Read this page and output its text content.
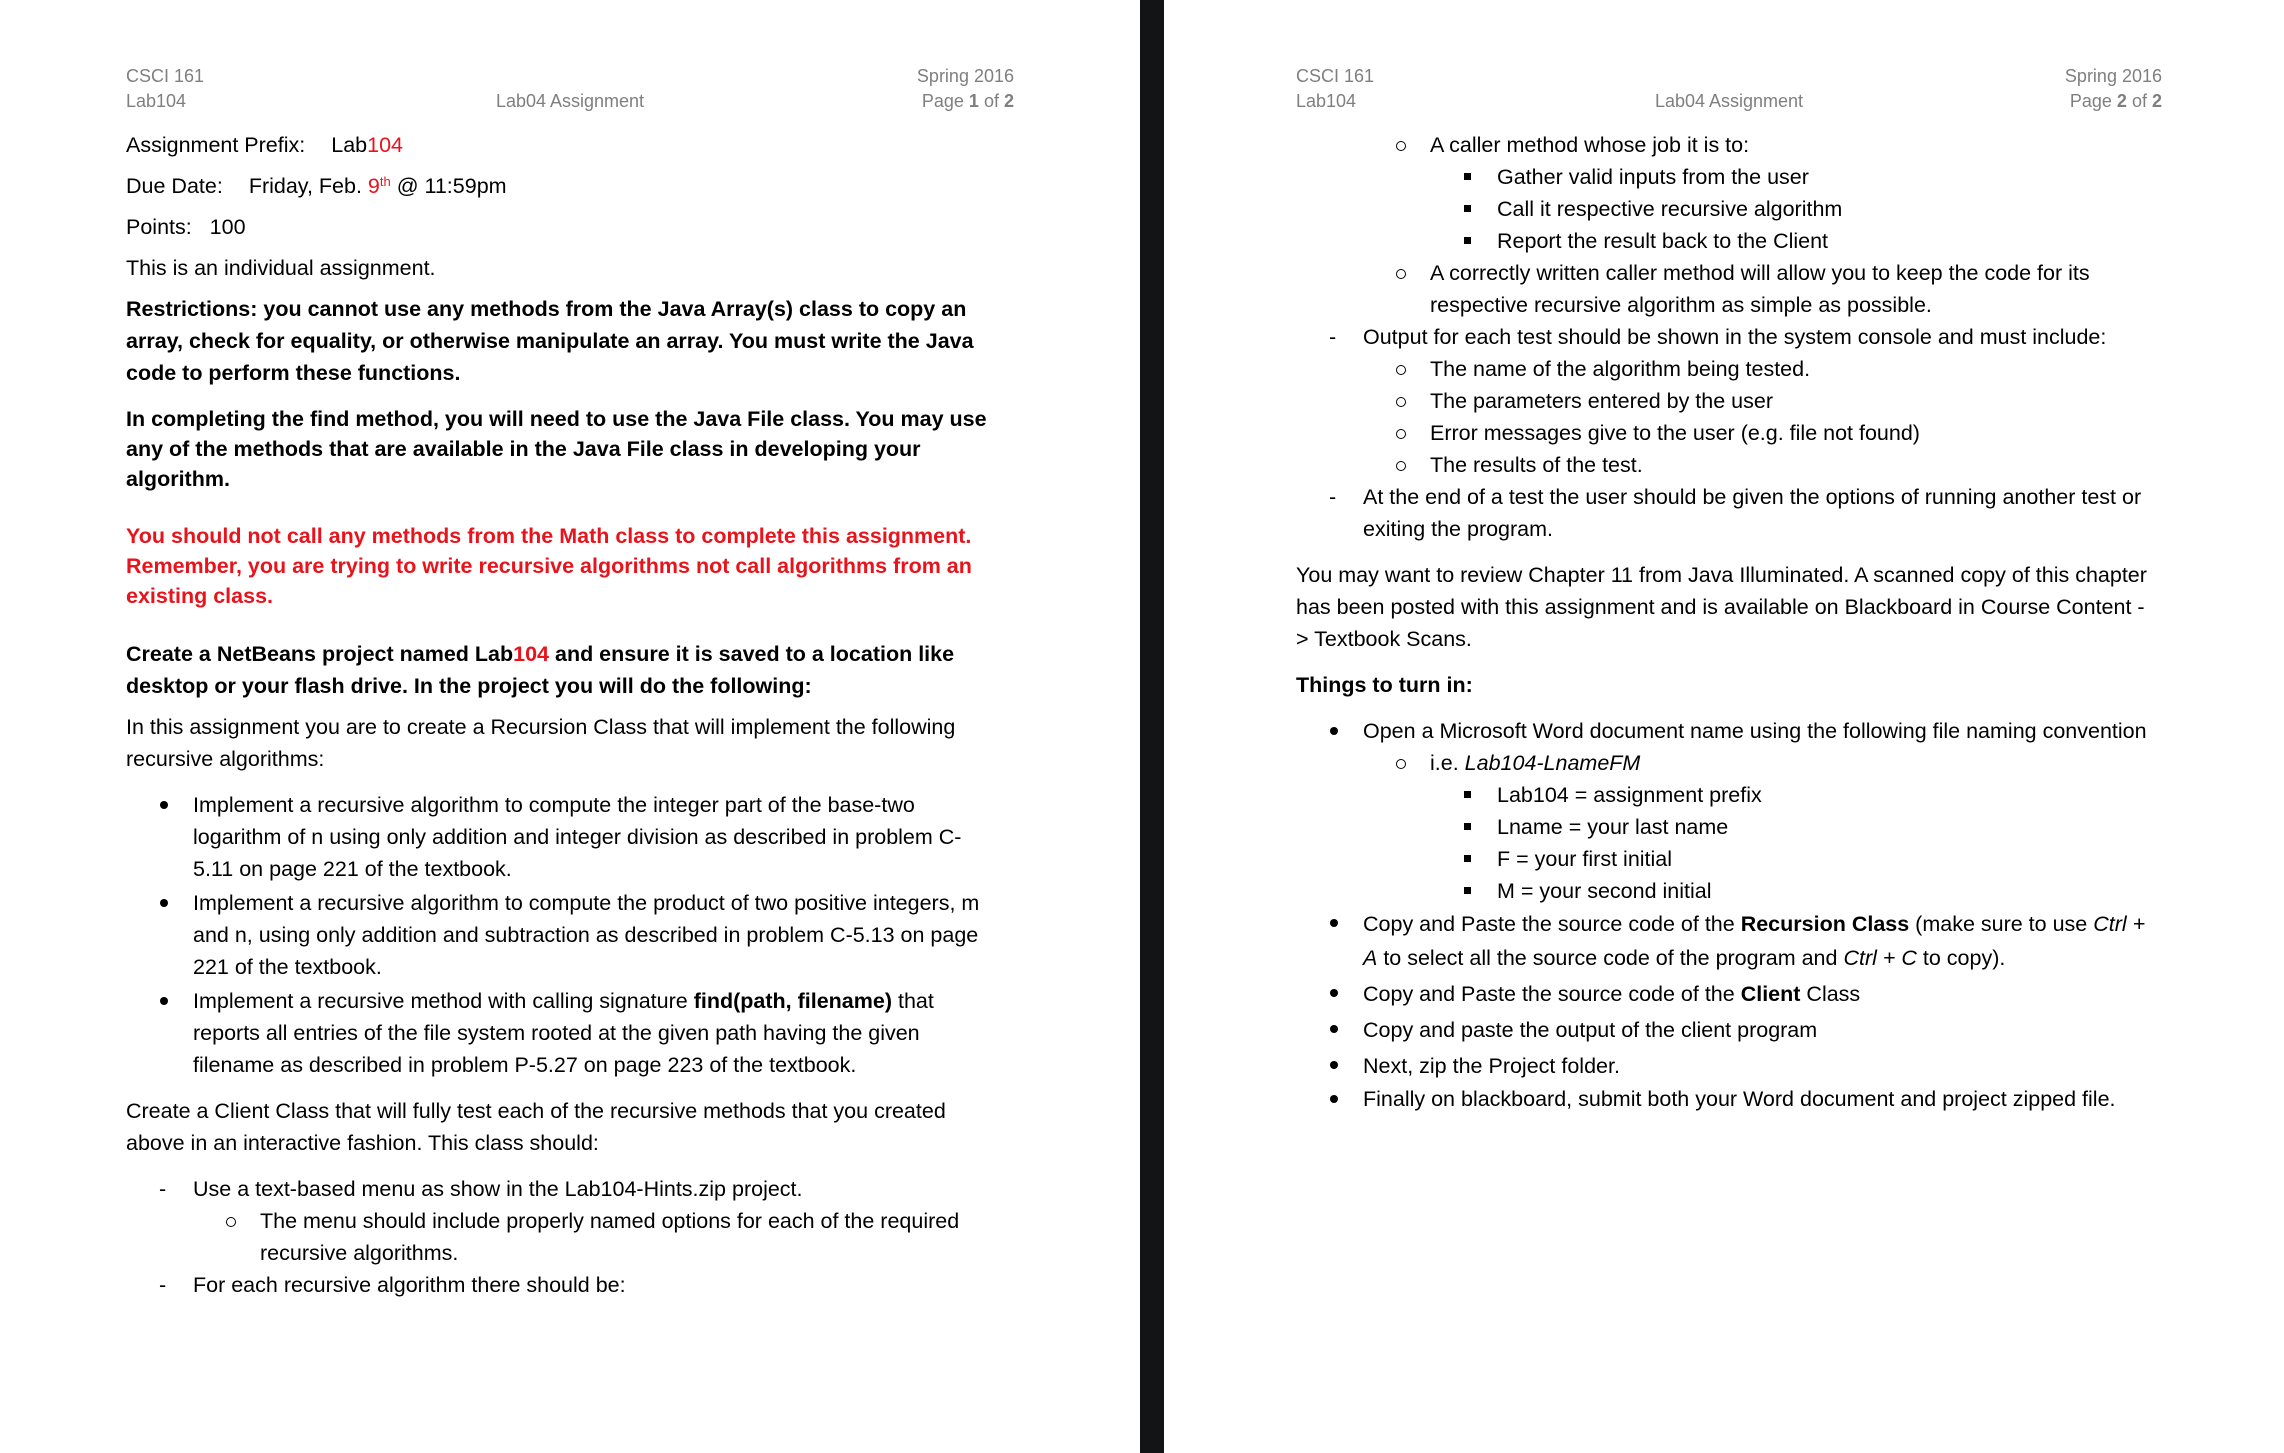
CSCI 161
Lab104	Lab04 Assignment
Spring 2016
Page 1 of 2

Assignment Prefix: Lab104

Due Date: Friday, Feb. 9th @ 11:59pm

Points: 100

This is an individual assignment.

Restrictions: you cannot use any methods from the Java Array(s) class to copy an array, check for equality, or otherwise manipulate an array. You must write the Java code to perform these functions.

In completing the find method, you will need to use the Java File class. You may use any of the methods that are available in the Java File class in developing your algorithm.

You should not call any methods from the Math class to complete this assignment. Remember, you are trying to write recursive algorithms not call algorithms from an existing class.

Create a NetBeans project named Lab104 and ensure it is saved to a location like desktop or your flash drive. In the project you will do the following:

In this assignment you are to create a Recursion Class that will implement the following recursive algorithms:

Implement a recursive algorithm to compute the integer part of the base-two logarithm of n using only addition and integer division as described in problem C-5.11 on page 221 of the textbook.
Implement a recursive algorithm to compute the product of two positive integers, m and n, using only addition and subtraction as described in problem C-5.13 on page 221 of the textbook.
Implement a recursive method with calling signature find(path, filename) that reports all entries of the file system rooted at the given path having the given filename as described in problem P-5.27 on page 223 of the textbook.

Create a Client Class that will fully test each of the recursive methods that you created above in an interactive fashion. This class should:

Use a text-based menu as show in the Lab104-Hints.zip project.
The menu should include properly named options for each of the required recursive algorithms.
For each recursive algorithm there should be:
CSCI 161
Lab104	Lab04 Assignment
Spring 2016
Page 2 of 2
A caller method whose job it is to:
Gather valid inputs from the user
Call it respective recursive algorithm
Report the result back to the Client
A correctly written caller method will allow you to keep the code for its respective recursive algorithm as simple as possible.
Output for each test should be shown in the system console and must include:
The name of the algorithm being tested.
The parameters entered by the user
Error messages give to the user (e.g. file not found)
The results of the test.
At the end of a test the user should be given the options of running another test or exiting the program.

You may want to review Chapter 11 from Java Illuminated. A scanned copy of this chapter has been posted with this assignment and is available on Blackboard in Course Content -> Textbook Scans.

Things to turn in:

Open a Microsoft Word document name using the following file naming convention
i.e. Lab104-LnameFM
Lab104 = assignment prefix
Lname = your last name
F = your first initial
M = your second initial
Copy and Paste the source code of the Recursion Class (make sure to use Ctrl + A to select all the source code of the program and Ctrl + C to copy).
Copy and Paste the source code of the Client Class
Copy and paste the output of the client program
Next, zip the Project folder.
Finally on blackboard, submit both your Word document and project zipped file.
